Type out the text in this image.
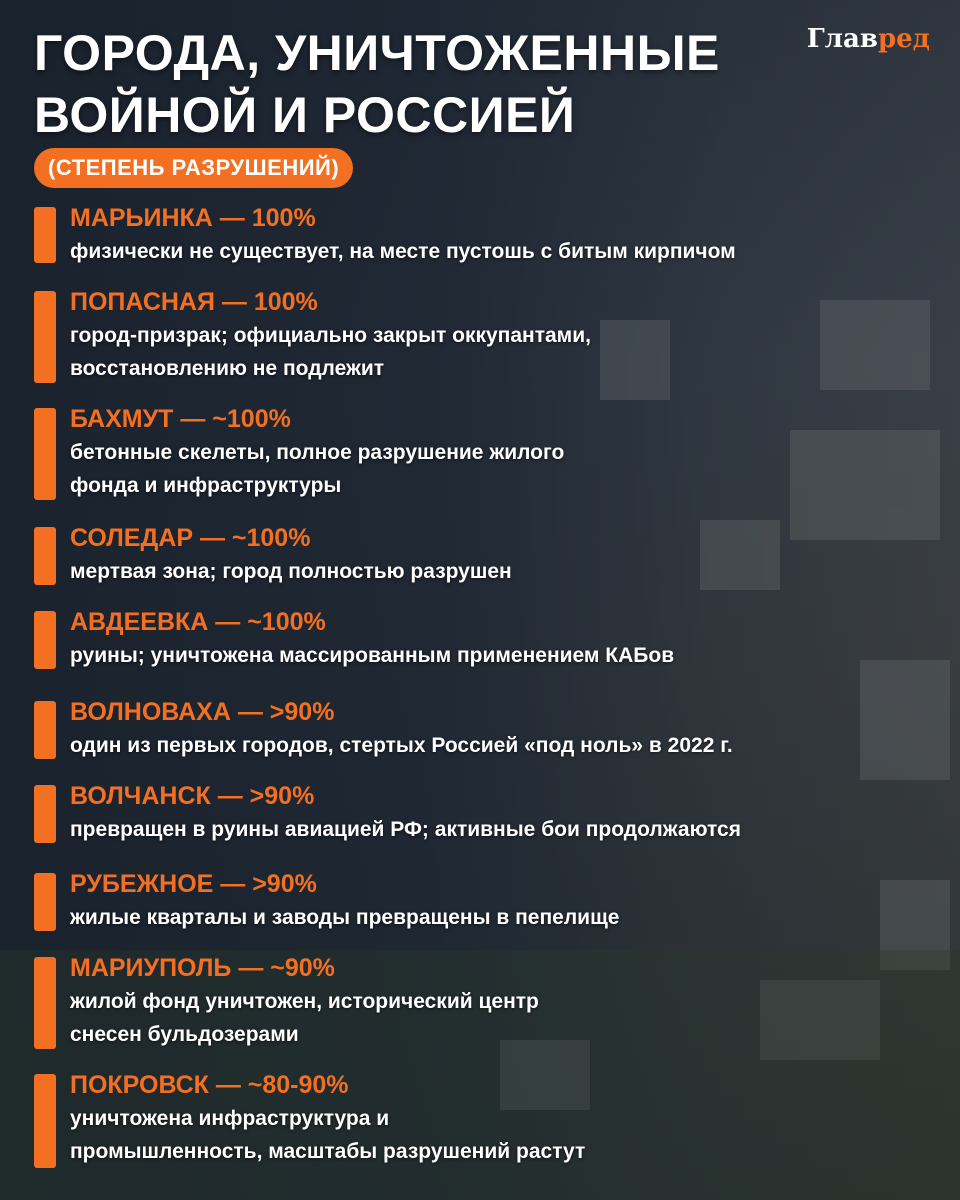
ГОРОДА, УНИЧТОЖЕННЫЕ
ВОЙНОЙ И РОССИЕЙ
Главред
(СТЕПЕНЬ РАЗРУШЕНИЙ)
МАРЬИНКА — 100%
физически не существует, на месте пустошь с битым кирпичом
ПОПАСНАЯ — 100%
город-призрак; официально закрыт оккупантами,
восстановлению не подлежит
БАХМУТ — ~100%
бетонные скелеты, полное разрушение жилого
фонда и инфраструктуры
СОЛЕДАР — ~100%
мертвая зона; город полностью разрушен
АВДЕЕВКА — ~100%
руины; уничтожена массированным применением КАБов
ВОЛНОВАХА — >90%
один из первых городов, стертых Россией «под ноль» в 2022 г.
ВОЛЧАНСК — >90%
превращен в руины авиацией РФ; активные бои продолжаются
РУБЕЖНОЕ — >90%
жилые кварталы и заводы превращены в пепелище
МАРИУПОЛЬ — ~90%
жилой фонд уничтожен, исторический центр
снесен бульдозерами
ПОКРОВСК — ~80-90%
уничтожена инфраструктура и
промышленность, масштабы разрушений растут
